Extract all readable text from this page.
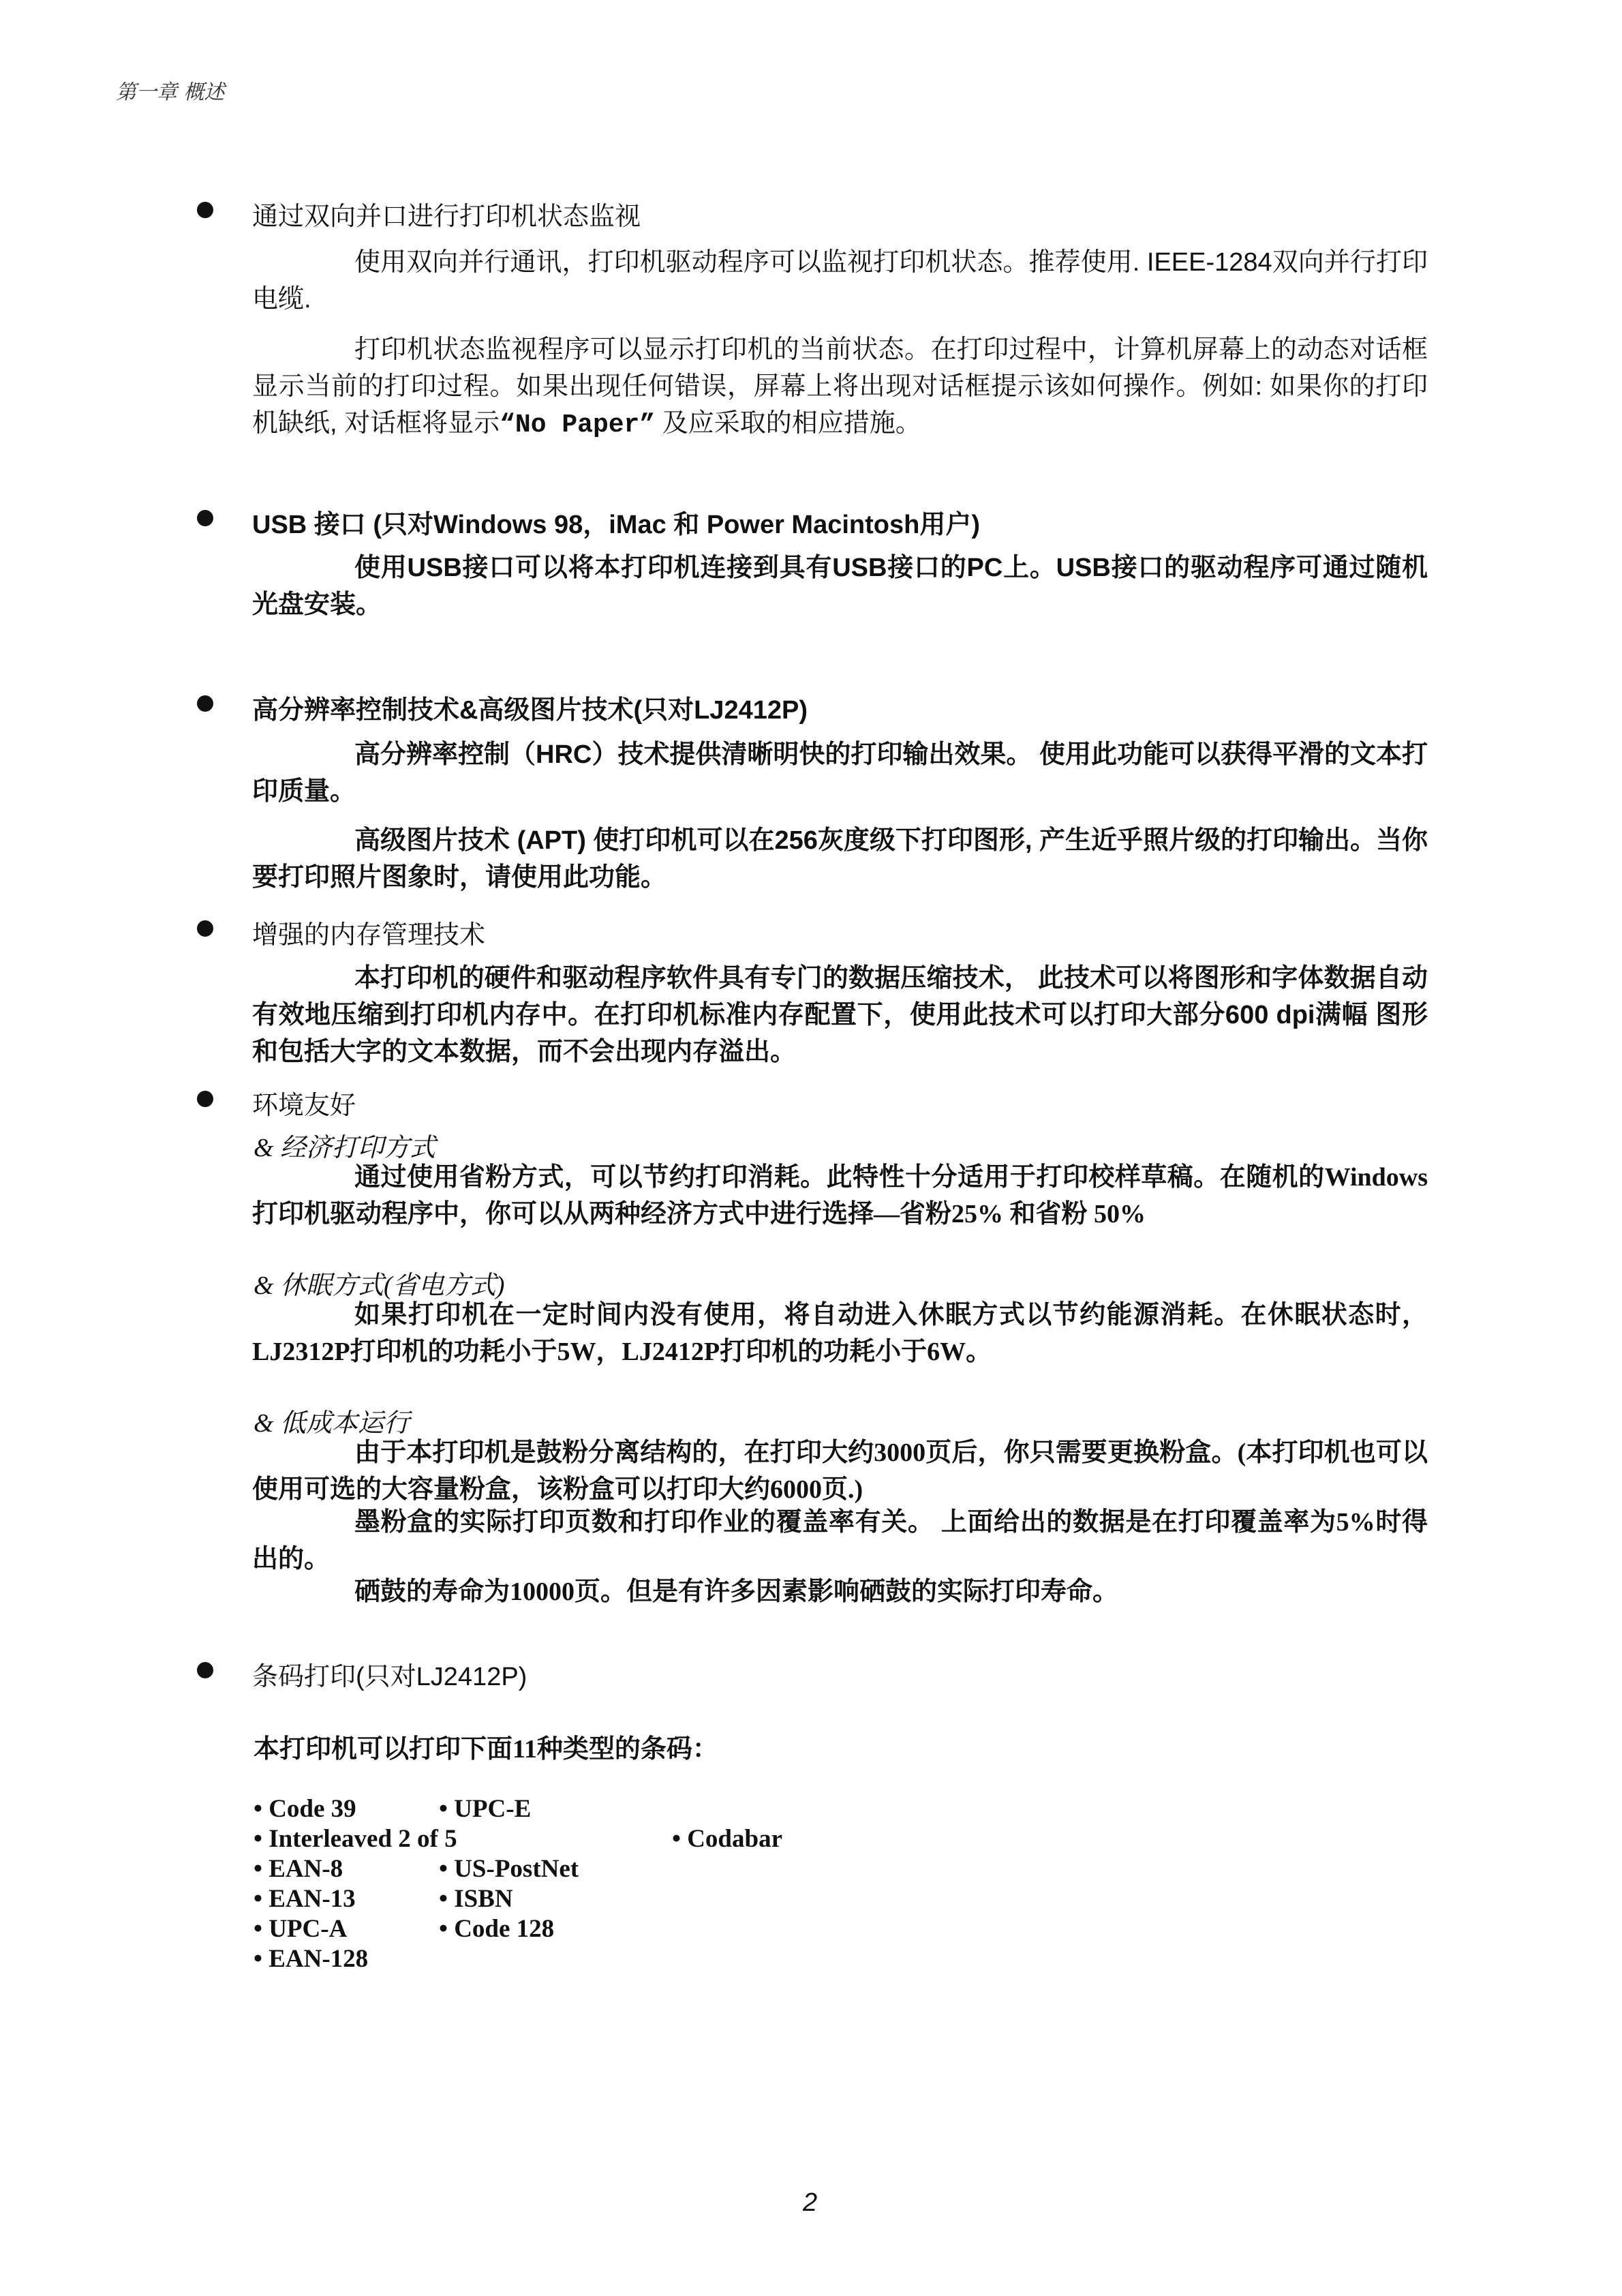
第一章 概述
通过双向并口进行打印机状态监视
使用双向并行通讯，打印机驱动程序可以监视打印机状态。推荐使用. IEEE-1284双向并行打印电缆.
打印机状态监视程序可以显示打印机的当前状态。在打印过程中，计算机屏幕上的动态对话框显示当前的打印过程。如果出现任何错误，屏幕上将出现对话框提示该如何操作。例如: 如果你的打印机缺纸, 对话框将显示“No Paper” 及应采取的相应措施。
USB 接口 (只对Windows 98，iMac 和 Power Macintosh用户)
使用USB接口可以将本打印机连接到具有USB接口的PC上。USB接口的驱动程序可通过随机光盘安装。
高分辨率控制技术&高级图片技术(只对LJ2412P)
高分辨率控制（HRC）技术提供清晰明快的打印输出效果。 使用此功能可以获得平滑的文本打印质量。
高级图片技术 (APT) 使打印机可以在256灰度级下打印图形, 产生近乎照片级的打印输出。当你要打印照片图象时，请使用此功能。
增强的内存管理技术
本打印机的硬件和驱动程序软件具有专门的数据压缩技术， 此技术可以将图形和字体数据自动有效地压缩到打印机内存中。在打印机标准内存配置下，使用此技术可以打印大部分600 dpi满幅 图形和包括大字的文本数据，而不会出现内存溢出。
环境友好
& 经济打印方式
通过使用省粉方式，可以节约打印消耗。此特性十分适用于打印校样草稿。在随机的Windows打印机驱动程序中，你可以从两种经济方式中进行选择—省粉25% 和省粉 50%
& 休眠方式(省电方式)
如果打印机在一定时间内没有使用，将自动进入休眠方式以节约能源消耗。在休眠状态时，LJ2312P打印机的功耗小于5W，LJ2412P打印机的功耗小于6W。
& 低成本运行
由于本打印机是鼓粉分离结构的，在打印大约3000页后，你只需要更换粉盒。(本打印机也可以使用可选的大容量粉盒，该粉盒可以打印大约6000页.)
墨粉盒的实际打印页数和打印作业的覆盖率有关。 上面给出的数据是在打印覆盖率为5%时得出的。
硒鼓的寿命为10000页。但是有许多因素影响硒鼓的实际打印寿命。
条码打印(只对LJ2412P)
本打印机可以打印下面11种类型的条码：
• Code 39	• UPC-E
• Interleaved 2 of 5	• Codabar
• EAN-8	• US-PostNet
• EAN-13	• ISBN
• UPC-A	• Code 128
• EAN-128
2
